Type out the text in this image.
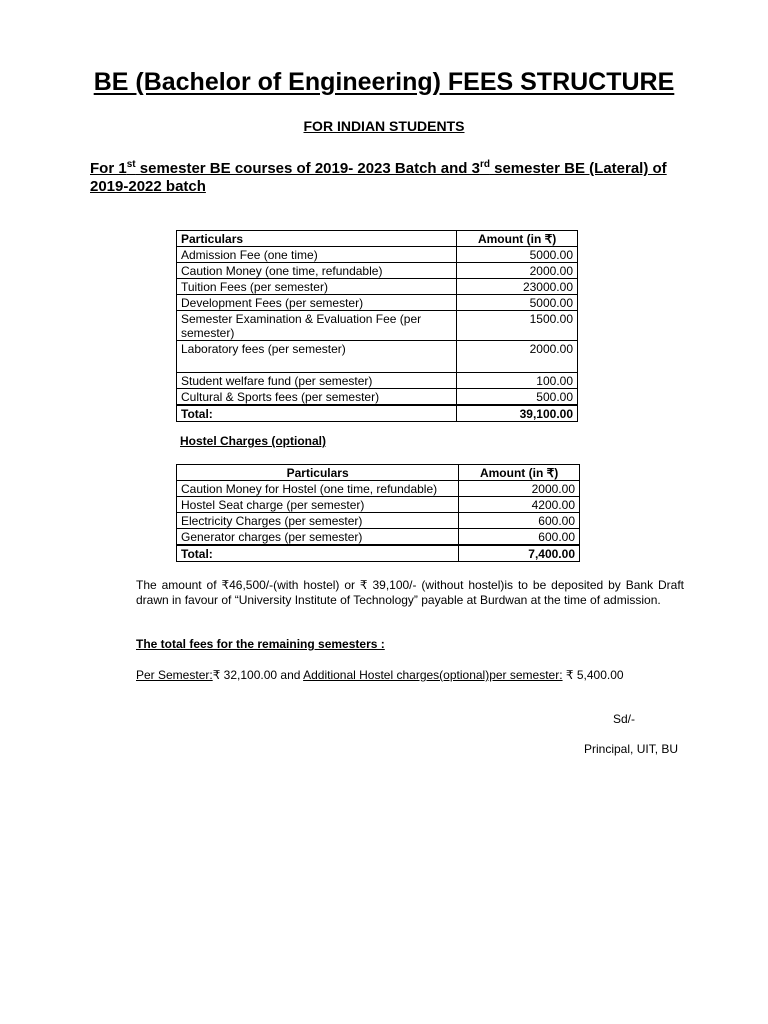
BE (Bachelor of Engineering) FEES STRUCTURE
FOR INDIAN STUDENTS
For 1st semester BE courses of 2019- 2023 Batch and 3rd semester BE (Lateral) of 2019-2022 batch
Particulars	Amount (in ₹)
Admission Fee (one time)	5000.00
Caution Money (one time, refundable)	2000.00
Tuition Fees (per semester)	23000.00
Development Fees (per semester)	5000.00
Semester Examination & Evaluation Fee (per semester)	1500.00
Laboratory fees (per semester)	2000.00
Student welfare fund (per semester)	100.00
Cultural & Sports fees (per semester)	500.00
Total:	39,100.00
Hostel Charges (optional)
Particulars	Amount (in ₹)
Caution Money for Hostel (one time, refundable)	2000.00
Hostel Seat charge (per semester)	4200.00
Electricity Charges (per semester)	600.00
Generator charges (per semester)	600.00
Total:	7,400.00
The amount of ₹46,500/-(with hostel) or ₹ 39,100/- (without hostel)is to be deposited by Bank Draft drawn in favour of “University Institute of Technology” payable at Burdwan at the time of admission.
The total fees for the remaining semesters :
Per Semester:₹ 32,100.00 and Additional Hostel charges(optional)per semester: ₹ 5,400.00
Sd/-
Principal, UIT, BU
